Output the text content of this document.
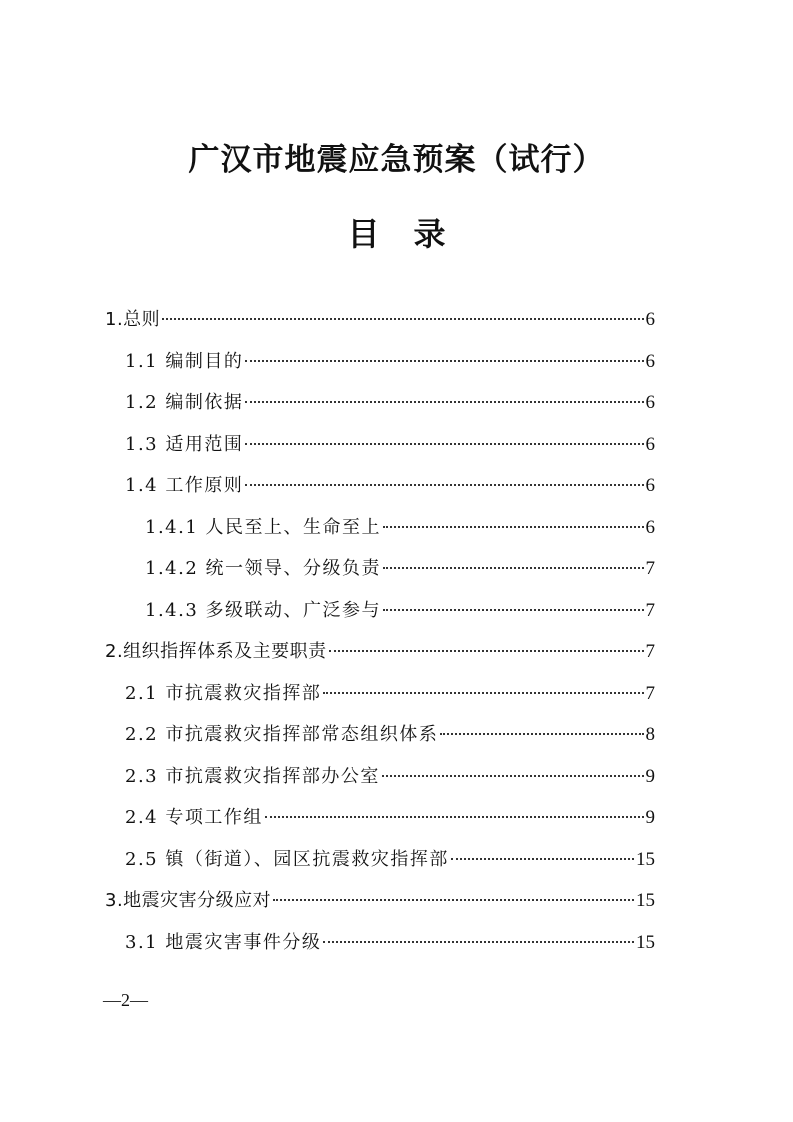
广汉市地震应急预案（试行）
目 录
1.总则	6
1.1 编制目的	6
1.2 编制依据	6
1.3 适用范围	6
1.4 工作原则	6
1.4.1 人民至上、生命至上	6
1.4.2 统一领导、分级负责	7
1.4.3 多级联动、广泛参与	7
2.组织指挥体系及主要职责	7
2.1 市抗震救灾指挥部	7
2.2 市抗震救灾指挥部常态组织体系	8
2.3 市抗震救灾指挥部办公室	9
2.4 专项工作组	9
2.5 镇（街道）、园区抗震救灾指挥部	15
3.地震灾害分级应对	15
3.1 地震灾害事件分级	15
—2—
